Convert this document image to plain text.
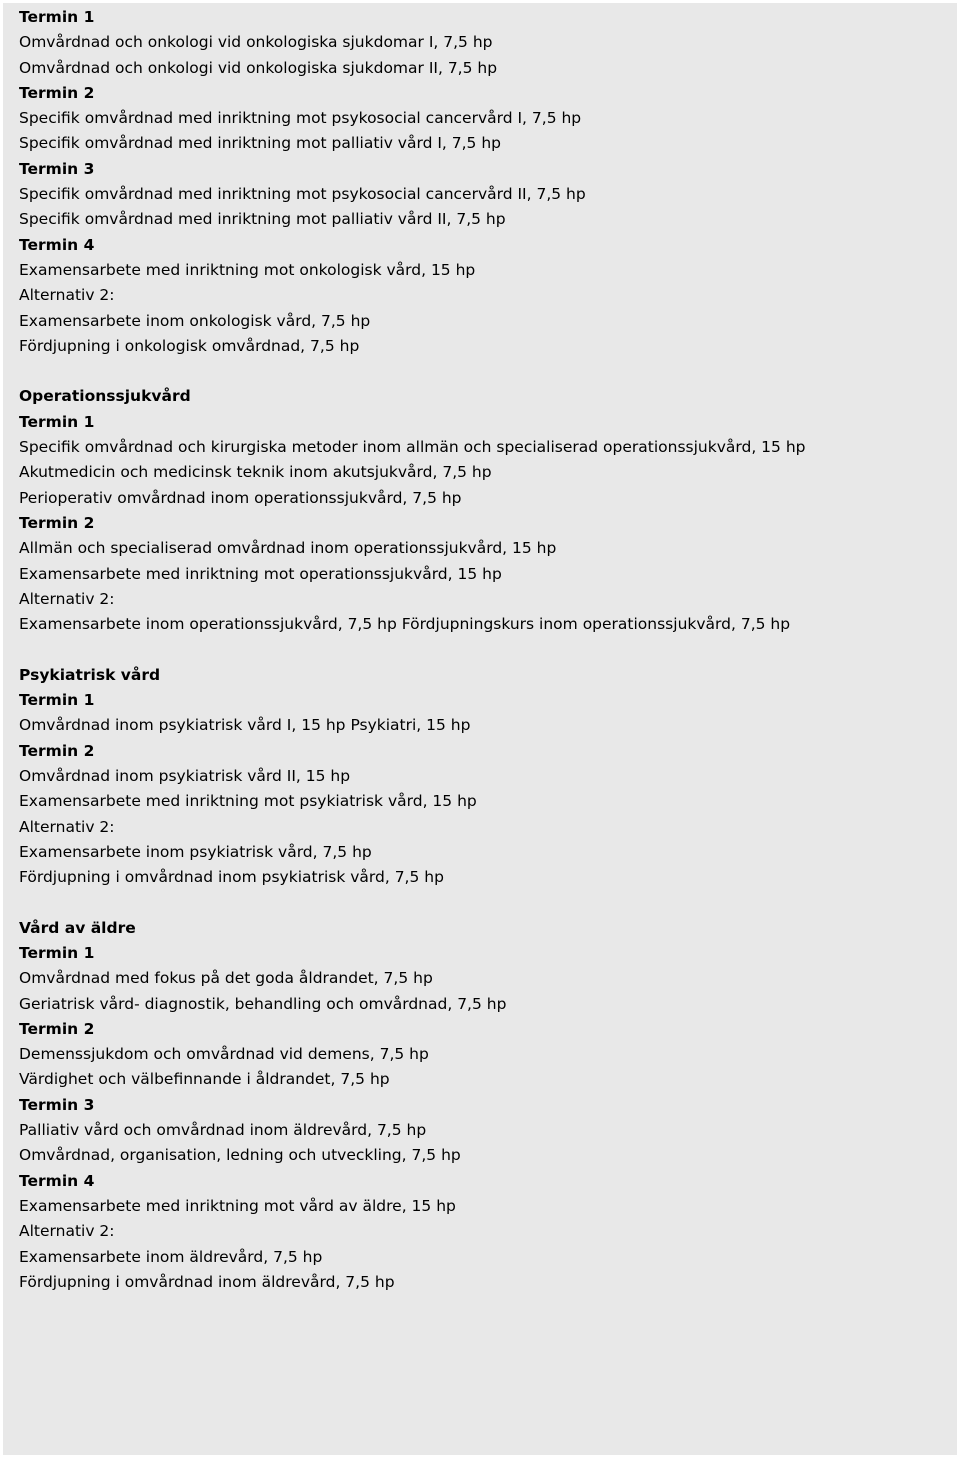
Termin 1
Omvårdnad och onkologi vid onkologiska sjukdomar I, 7,5 hp
Omvårdnad och onkologi vid onkologiska sjukdomar II, 7,5 hp
Termin 2
Specifik omvårdnad med inriktning mot psykosocial cancervård I, 7,5 hp
Specifik omvårdnad med inriktning mot palliativ vård I, 7,5 hp
Termin 3
Specifik omvårdnad med inriktning mot psykosocial cancervård II, 7,5 hp
Specifik omvårdnad med inriktning mot palliativ vård II, 7,5 hp
Termin 4
Examensarbete med inriktning mot onkologisk vård, 15 hp
Alternativ 2:
Examensarbete inom onkologisk vård, 7,5 hp
Fördjupning i onkologisk omvårdnad, 7,5 hp
Operationssjukvård
Termin 1
Specifik omvårdnad och kirurgiska metoder inom allmän och specialiserad operationssjukvård, 15 hp
Akutmedicin och medicinsk teknik inom akutsjukvård, 7,5 hp
Perioperativ omvårdnad inom operationssjukvård, 7,5 hp
Termin 2
Allmän och specialiserad omvårdnad inom operationssjukvård, 15 hp
Examensarbete med inriktning mot operationssjukvård, 15 hp
Alternativ 2:
Examensarbete inom operationssjukvård, 7,5 hp Fördjupningskurs inom operationssjukvård, 7,5 hp
Psykiatrisk vård
Termin 1
Omvårdnad inom psykiatrisk vård I, 15 hp Psykiatri, 15 hp
Termin 2
Omvårdnad inom psykiatrisk vård II, 15 hp
Examensarbete med inriktning mot psykiatrisk vård, 15 hp
Alternativ 2:
Examensarbete inom psykiatrisk vård, 7,5 hp
Fördjupning i omvårdnad inom psykiatrisk vård, 7,5 hp
Vård av äldre
Termin 1
Omvårdnad med fokus på det goda åldrandet, 7,5 hp
Geriatrisk vård- diagnostik, behandling och omvårdnad, 7,5 hp
Termin 2
Demenssjukdom och omvårdnad vid demens, 7,5 hp
Värdighet och välbefinnande i åldrandet, 7,5 hp
Termin 3
Palliativ vård och omvårdnad inom äldrevård, 7,5 hp
Omvårdnad, organisation, ledning och utveckling, 7,5 hp
Termin 4
Examensarbete med inriktning mot vård av äldre, 15 hp
Alternativ 2:
Examensarbete inom äldrevård, 7,5 hp
Fördjupning i omvårdnad inom äldrevård, 7,5 hp
